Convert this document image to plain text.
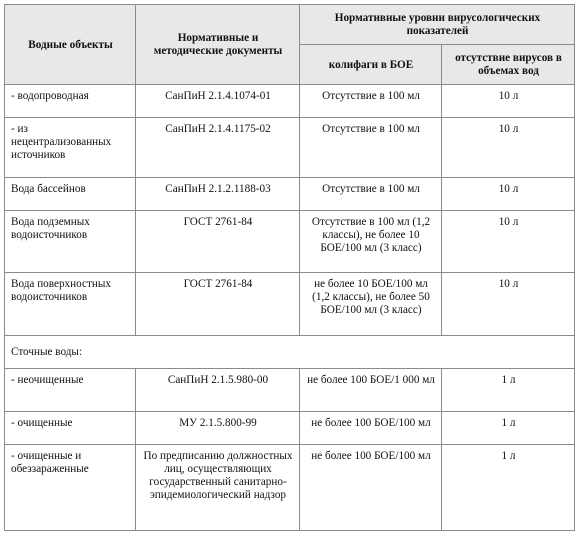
Водные объекты	Нормативные и методические документы	Нормативные уровни вирусологических показателей	
		колифаги в БОЕ	отсутствие вирусов в объемах вод
- водопроводная	СанПиН 2.1.4.1074-01	Отсутствие в 100 мл	10 л
- из нецентрализованных источников	СанПиН 2.1.4.1175-02	Отсутствие в 100 мл	10 л
Вода бассейнов	СанПиН 2.1.2.1188-03	Отсутствие в 100 мл	10 л
Вода подземных водоисточников	ГОСТ 2761-84	Отсутствие в 100 мл (1,2 классы), не более 10 БОЕ/100 мл (3 класс)	10 л
Вода поверхностных водоисточников	ГОСТ 2761-84	не более 10 БОЕ/100 мл (1,2 классы), не более 50 БОЕ/100 мл (3 класс)	10 л
Сточные воды:			
- неочищенные	СанПиН 2.1.5.980-00	не более 100 БОЕ/1 000 мл	1 л
- очищенные	МУ 2.1.5.800-99	не более 100 БОЕ/100 мл	1 л
- очищенные и обеззараженные	По предписанию должностных лиц, осуществляющих государственный санитарно-эпидемиологический надзор	не более 100 БОЕ/100 мл	1 л
